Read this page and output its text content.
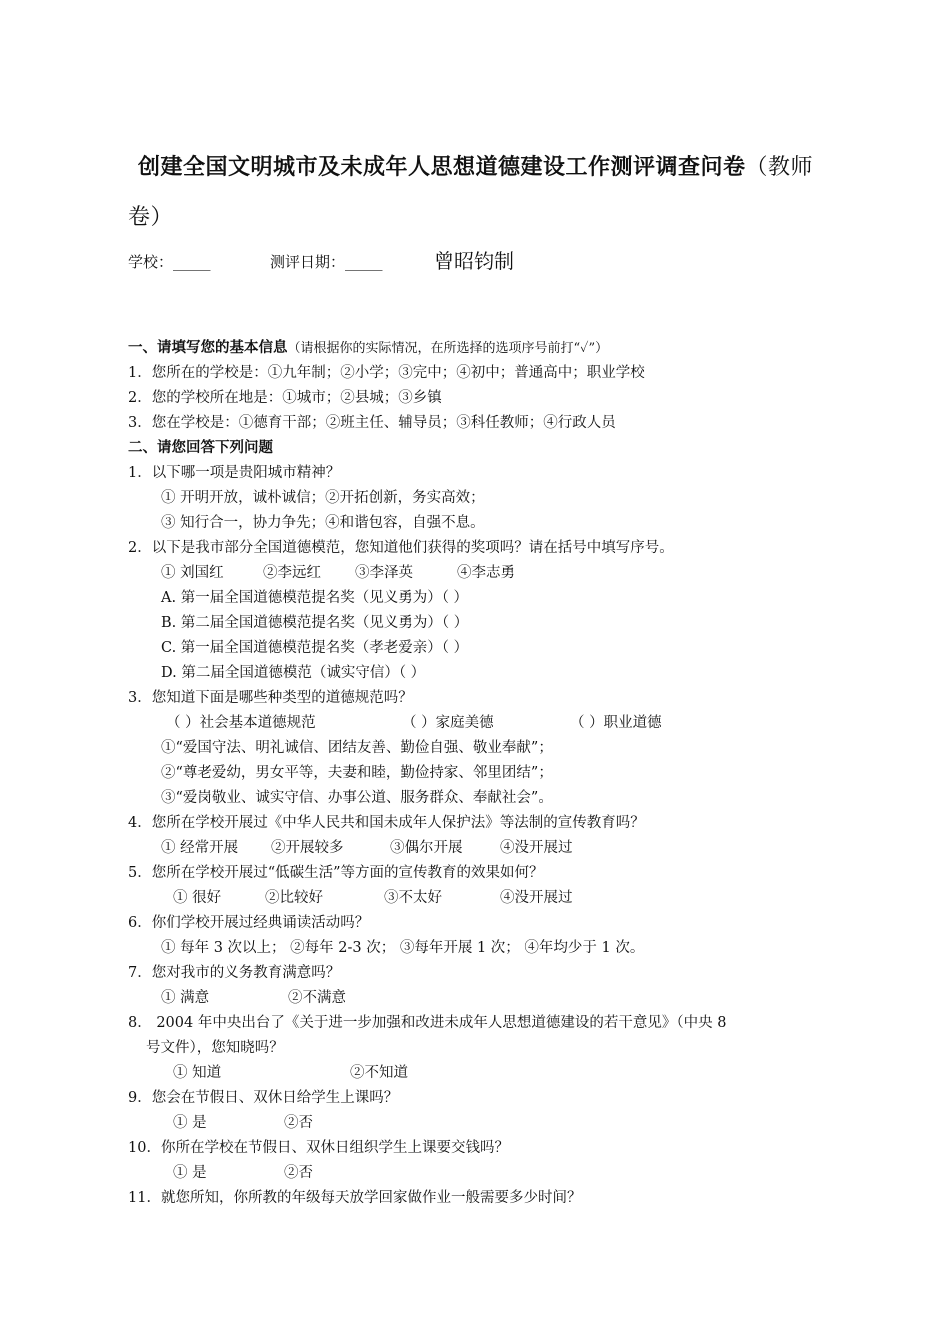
创建全国文明城市及未成年人思想道德建设工作测评调查问卷（教师
卷）
学校：_____	测评日期：_____	曾昭钧制
一、请填写您的基本信息（请根据你的实际情况，在所选择的选项序号前打“✓”）
1．您所在的学校是：①九年制；②小学；③完中；④初中；普通高中；职业学校
2．您的学校所在地是：①城市；②县城；③乡镇
3．您在学校是：①德育干部；②班主任、辅导员；③科任教师；④行政人员
二、请您回答下列问题
1．以下哪一项是贵阳城市精神？
① 开明开放，诚朴诚信；②开拓创新，务实高效；
③ 知行合一，协力争先；④和谐包容，自强不息。
2．以下是我市部分全国道德模范，您知道他们获得的奖项吗？请在括号中填写序号。
① 刘国红	②李远红 ③李泽英	④李志勇
A. 第一届全国道德模范提名奖（见义勇为）（ ）
B. 第二届全国道德模范提名奖（见义勇为）（ ）
C. 第一届全国道德模范提名奖（孝老爱亲）（ ）
D. 第二届全国道德模范（诚实守信）（ ）
3．您知道下面是哪些种类型的道德规范吗？
（ ）社会基本道德规范	（ ）家庭美德	（ ）职业道德
①“爱国守法、明礼诚信、团结友善、勤俭自强、敬业奉献”；
②“尊老爱幼，男女平等，夫妻和睦，勤俭持家、邻里团结”；
③“爱岗敬业、诚实守信、办事公道、服务群众、奉献社会”。
4．您所在学校开展过《中华人民共和国未成年人保护法》等法制的宣传教育吗？
① 经常开展 ②开展较多	③偶尔开展	④没开展过
5．您所在学校开展过“低碳生活”等方面的宣传教育的效果如何？
① 很好	②比较好	③不太好	④没开展过
6．你们学校开展过经典诵读活动吗？
① 每年 3 次以上； ②每年 2-3 次； ③每年开展 1 次； ④年均少于 1 次。
7．您对我市的义务教育满意吗？
① 满意	②不满意
8． 2004 年中央出台了《关于进一步加强和改进未成年人思想道德建设的若干意见》（中央 8
号文件），您知晓吗？
① 知道	②不知道
9．您会在节假日、双休日给学生上课吗？
① 是	②否
10．你所在学校在节假日、双休日组织学生上课要交钱吗？
① 是	②否
11．就您所知，你所教的年级每天放学回家做作业一般需要多少时间？
